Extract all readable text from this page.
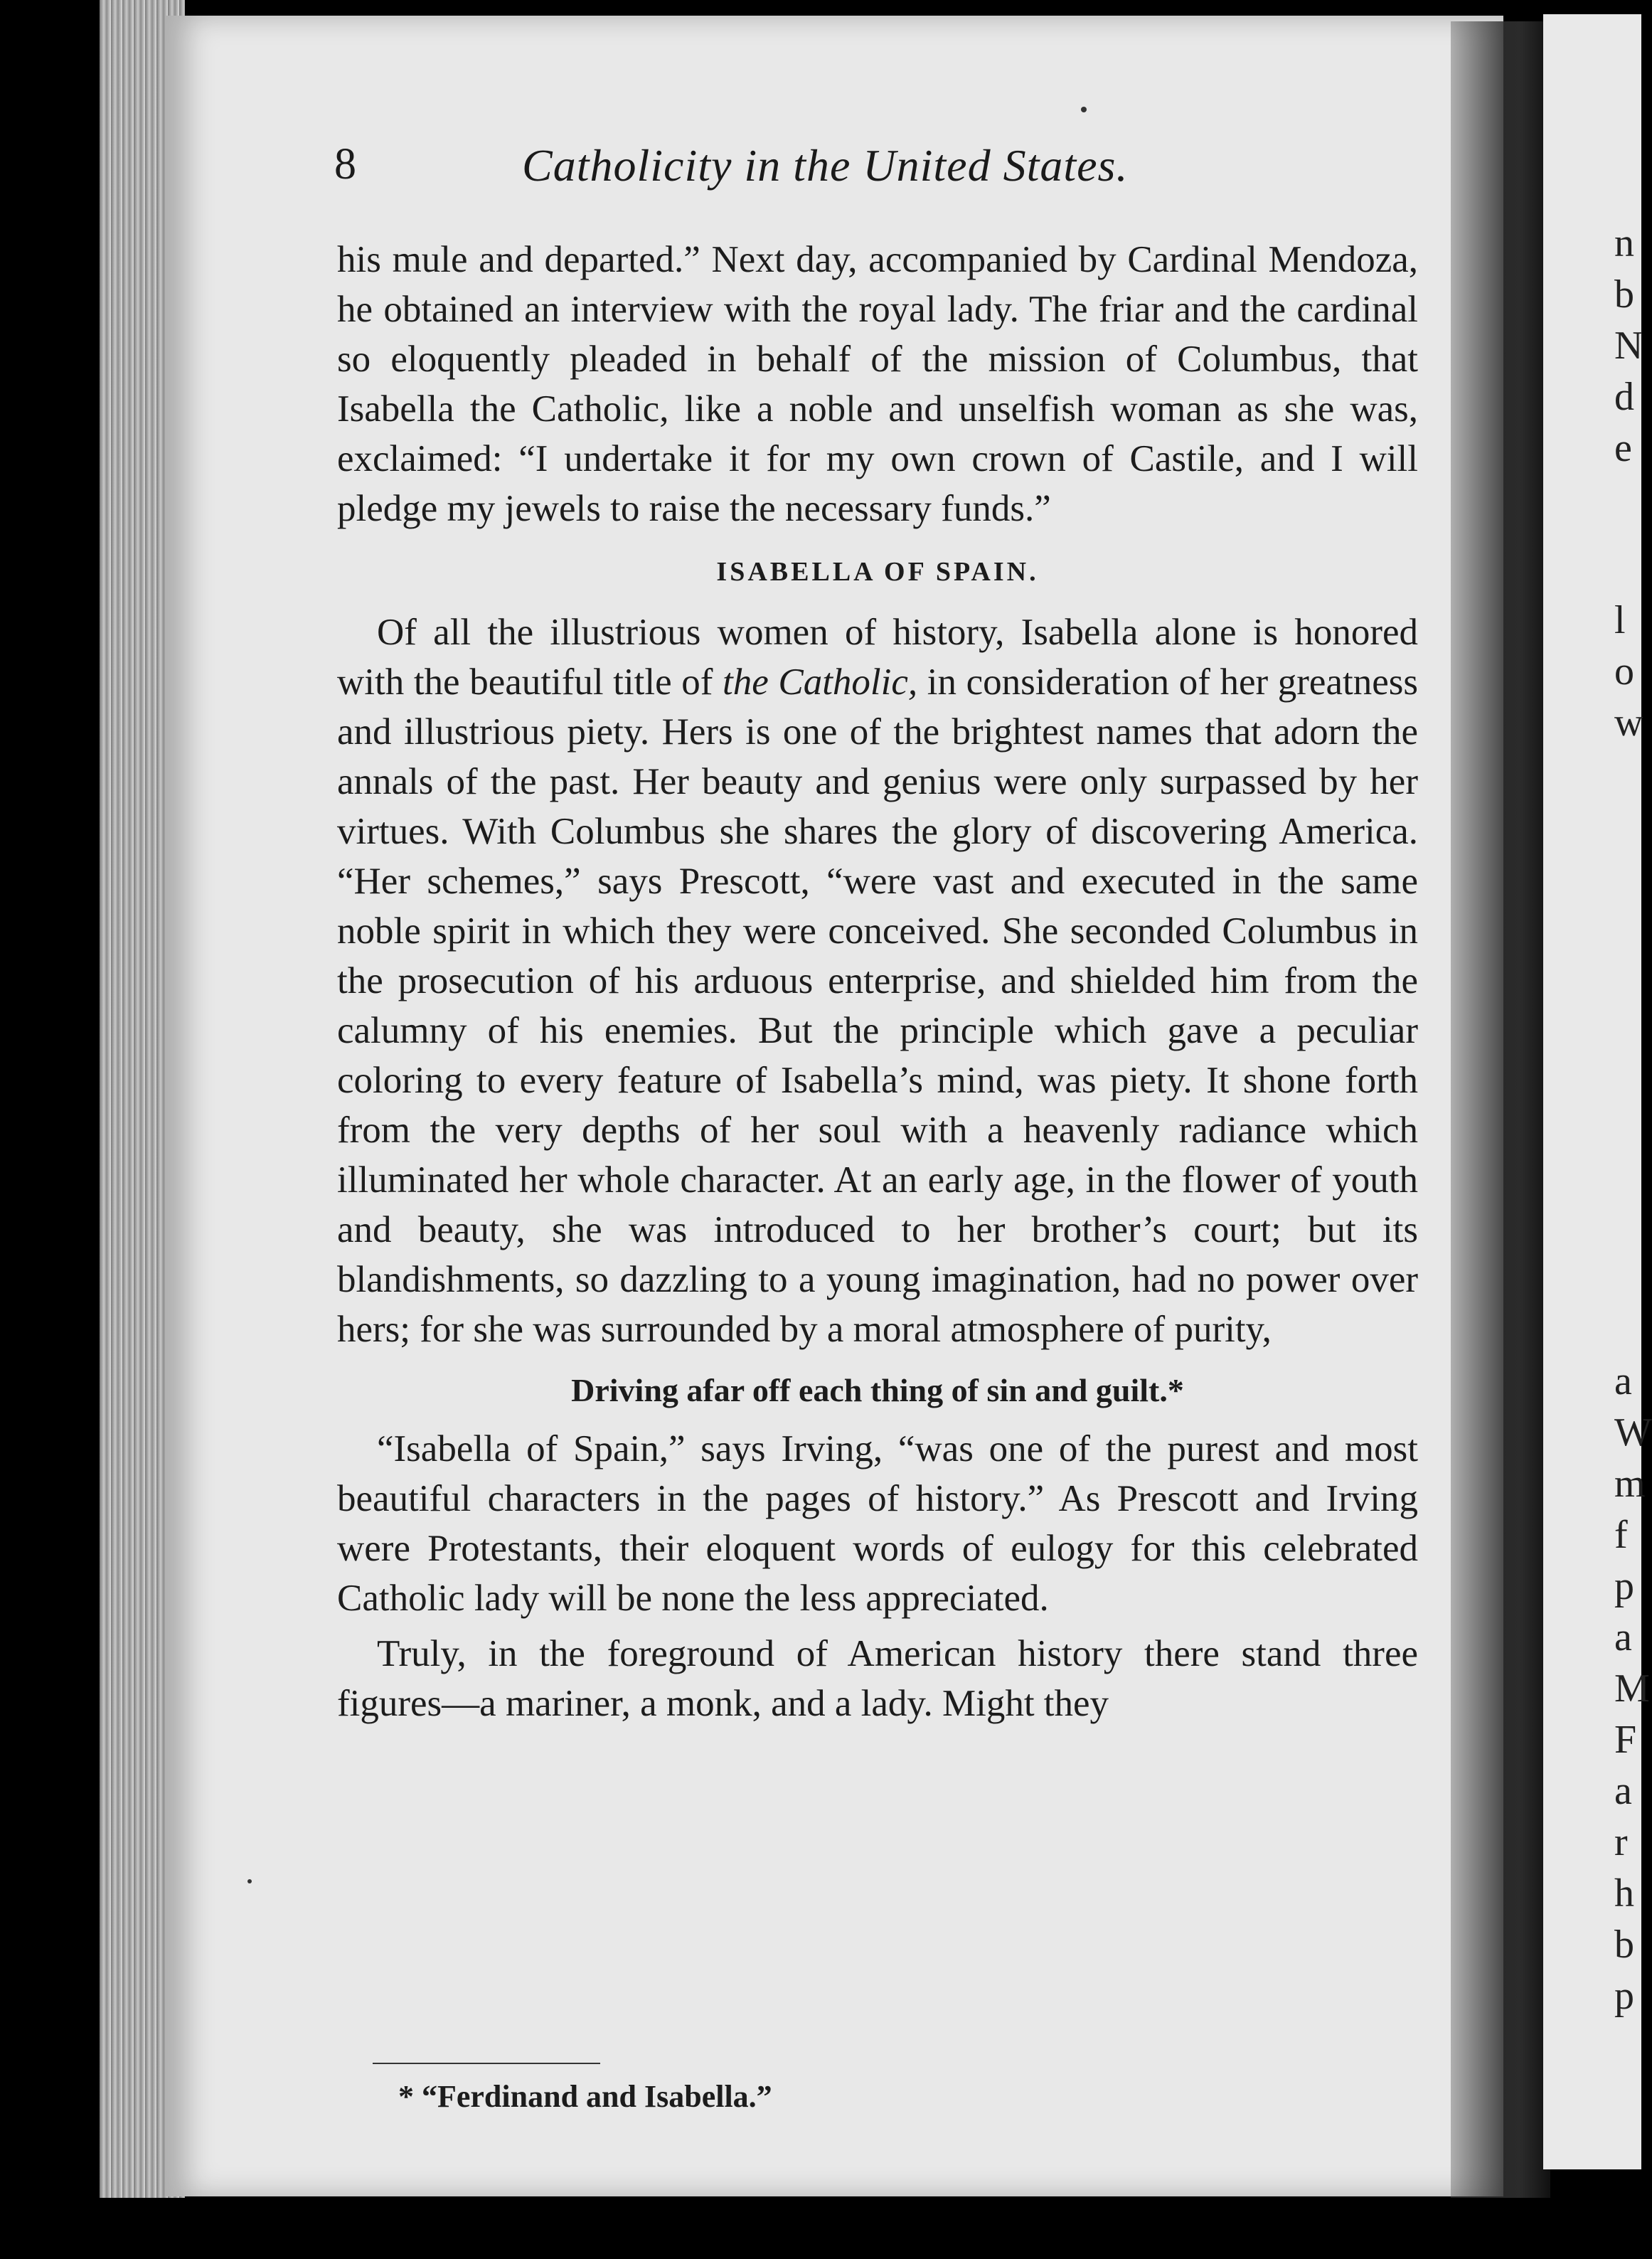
n
b
N
d
e
l
o
w
a
W
m
f
p
a
M
F
a
r
h
b
p
8	Catholicity in the United States.

his mule and departed.” Next day, accompanied by Cardinal Mendoza, he obtained an interview with the royal lady. The friar and the cardinal so eloquently pleaded in behalf of the mission of Columbus, that Isabella the Catholic, like a noble and unselfish woman as she was, exclaimed: “I undertake it for my own crown of Castile, and I will pledge my jewels to raise the necessary funds.”

ISABELLA OF SPAIN.

Of all the illustrious women of history, Isabella alone is honored with the beautiful title of the Catholic, in consideration of her greatness and illustrious piety. Hers is one of the brightest names that adorn the annals of the past. Her beauty and genius were only surpassed by her virtues. With Columbus she shares the glory of discovering America. “Her schemes,” says Prescott, “were vast and executed in the same noble spirit in which they were conceived. She seconded Columbus in the prosecution of his arduous enterprise, and shielded him from the calumny of his enemies. But the principle which gave a peculiar coloring to every feature of Isabella’s mind, was piety. It shone forth from the very depths of her soul with a heavenly radiance which illuminated her whole character. At an early age, in the flower of youth and beauty, she was introduced to her brother’s court; but its blandishments, so dazzling to a young imagination, had no power over hers; for she was surrounded by a moral atmosphere of purity,

Driving afar off each thing of sin and guilt.*

“Isabella of Spain,” says Irving, “was one of the purest and most beautiful characters in the pages of history.” As Prescott and Irving were Protestants, their eloquent words of eulogy for this celebrated Catholic lady will be none the less appreciated.

Truly, in the foreground of American history there stand three figures—a mariner, a monk, and a lady. Might they

* “Ferdinand and Isabella.”
